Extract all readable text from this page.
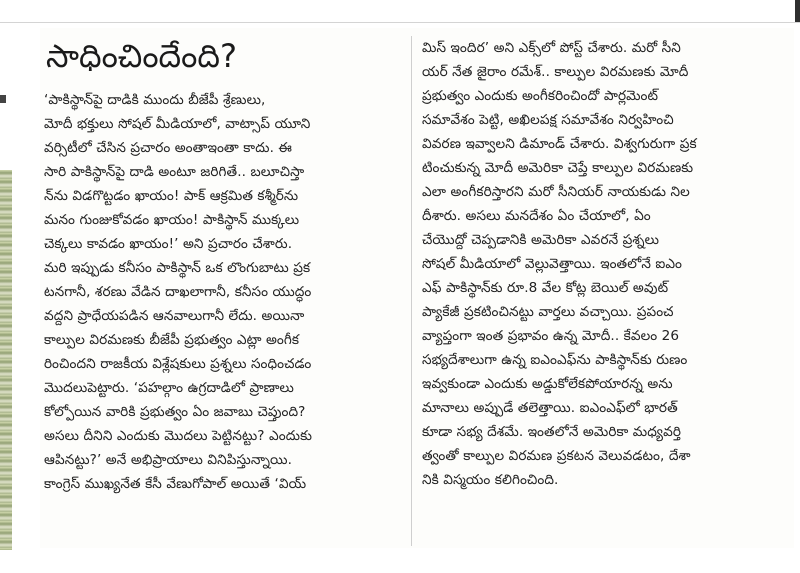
సాధించిందేంది?
‘పాకిస్థాన్‌పై దాడికి ముందు బీజేపీ శ్రేణులు,
మోదీ భక్తులు సోషల్ మీడియాలో, వాట్సాప్ యూని
వర్సిటీలో చేసిన ప్రచారం అంతాఇంతా కాదు. ఈ
సారి పాకిస్థాన్‌పై దాడి అంటూ జరిగితే.. బలూచిస్తా
న్‌ను విడగొట్టడం ఖాయం! పాక్ ఆక్రమిత కశ్మీర్‌ను
మనం గుంజుకోవడం ఖాయం! పాకిస్థాన్ ముక్కలు
చెక్కలు కావడం ఖాయం!’ అని ప్రచారం చేశారు.
మరి ఇప్పుడు కనీసం పాకిస్థాన్ ఒక లొంగుబాటు ప్రక
టనగానీ, శరణు వేడిన దాఖలాగానీ, కనీసం యుద్ధం
వద్దని ప్రాధేయపడిన ఆనవాలుగానీ లేదు. అయినా
కాల్పుల విరమణకు బీజేపీ ప్రభుత్వం ఎట్లా అంగీక
రించిందని రాజకీయ విశ్లేషకులు ప్రశ్నలు సంధించడం
మొదలుపెట్టారు. ‘పహల్గాం ఉగ్రదాడిలో ప్రాణాలు
కోల్పోయిన వారికి ప్రభుత్వం ఏం జవాబు చెప్తుంది?
అసలు దీనిని ఎందుకు మొదలు పెట్టినట్టు? ఎందుకు
ఆపినట్టు?’ అనే అభిప్రాయాలు వినిపిస్తున్నాయి.
కాంగ్రెస్ ముఖ్యనేత కేసీ వేణుగోపాల్ అయితే ‘వియ్
మిస్ ఇందిర’ అని ఎక్స్‌లో పోస్ట్ చేశారు. మరో సీని
యర్ నేత జైరాం రమేశ్.. కాల్పుల విరమణకు మోదీ
ప్రభుత్వం ఎందుకు అంగీకరించిందో పార్లమెంట్
సమావేశం పెట్టి, అఖిలపక్ష సమావేశం నిర్వహించి
వివరణ ఇవ్వాలని డిమాండ్ చేశారు. విశ్వగురుగా ప్రక
టించుకున్న మోదీ అమెరికా చెప్తే కాల్పుల విరమణకు
ఎలా అంగీకరిస్తారని మరో సీనియర్ నాయకుడు నిల
దీశారు. అసలు మనదేశం ఏం చేయాలో, ఏం
చేయొద్దో చెప్పడానికి అమెరికా ఎవరనే ప్రశ్నలు
సోషల్ మీడియాలో వెల్లువెత్తాయి. ఇంతలోనే ఐఎం
ఎఫ్ పాకిస్థాన్‌కు రూ.8 వేల కోట్ల బెయిల్ అవుట్
ప్యాకేజీ ప్రకటించినట్టు వార్తలు వచ్చాయి. ప్రపంచ
వ్యాప్తంగా ఇంత ప్రభావం ఉన్న మోదీ.. కేవలం 26
సభ్యదేశాలుగా ఉన్న ఐఎంఎఫ్‌ను పాకిస్థాన్‌కు రుణం
ఇవ్వకుండా ఎందుకు అడ్డుకోలేకపోయారన్న అను
మానాలు అప్పుడే తలెత్తాయి. ఐఎంఎఫ్‌లో భారత్
కూడా సభ్య దేశమే. ఇంతలోనే అమెరికా మధ్యవర్తి
త్వంతో కాల్పుల విరమణ ప్రకటన వెలువడటం, దేశా
నికి విస్మయం కలిగించింది.
